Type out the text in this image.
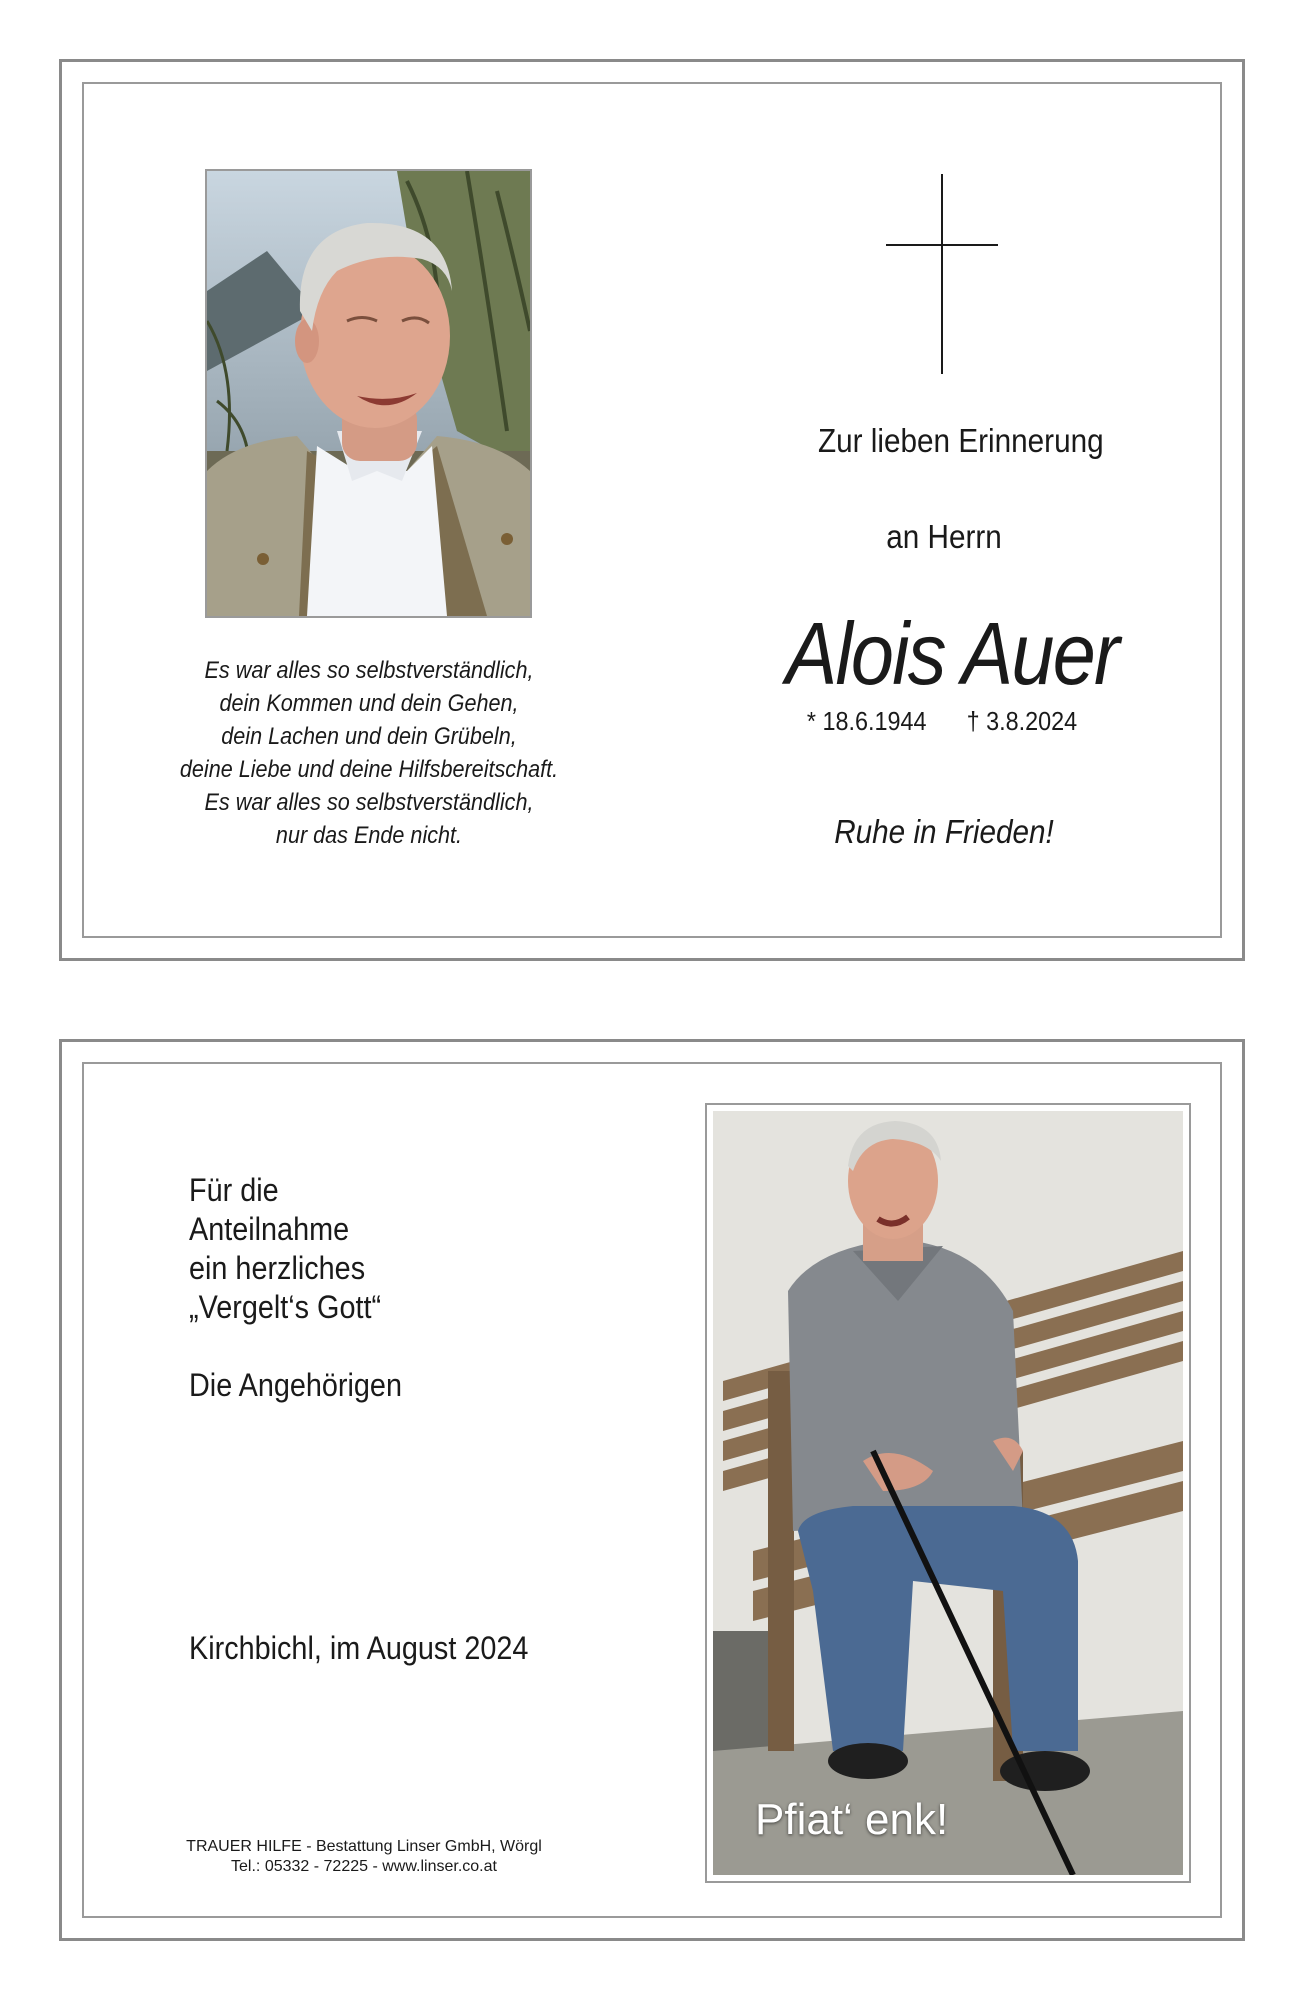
Zur lieben Erinnerung
an Herrn
Alois Auer
* 18.6.1944 † 3.8.2024
Ruhe in Frieden!
Es war alles so selbstverständlich,
dein Kommen und dein Gehen,
dein Lachen und dein Grübeln,
deine Liebe und deine Hilfsbereitschaft.
Es war alles so selbstverständlich,
nur das Ende nicht.
Für die
Anteilnahme
ein herzliches
„Vergelt‘s Gott“
Die Angehörigen
Kirchbichl, im August 2024
TRAUER HILFE - Bestattung Linser GmbH, Wörgl
Tel.: 05332 - 72225 - www.linser.co.at
Pfiat‘ enk!
